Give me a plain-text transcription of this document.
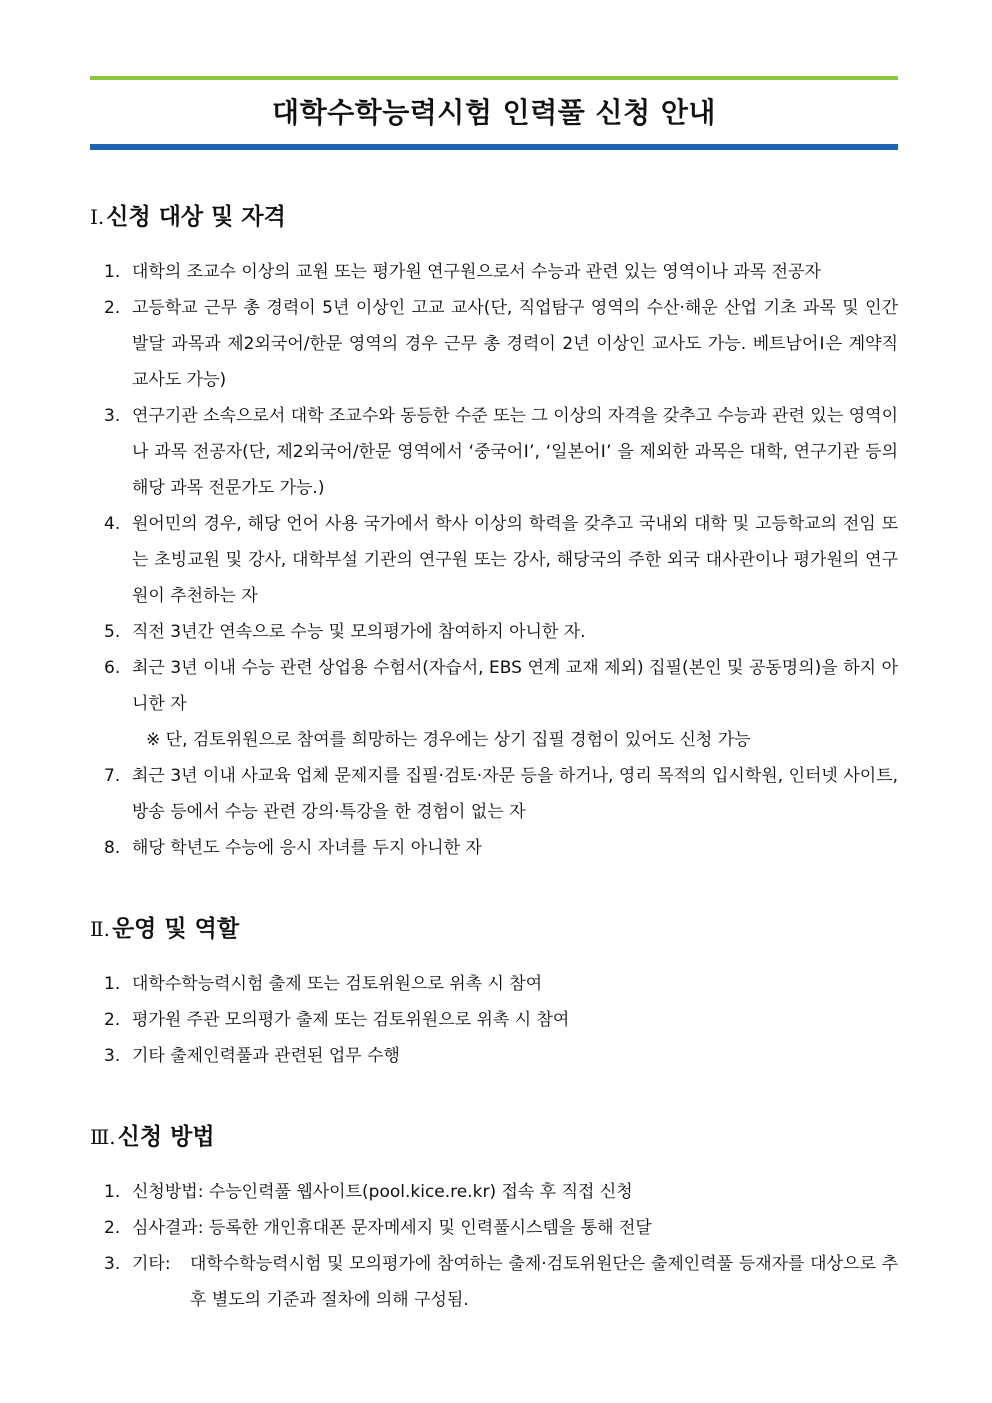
대학수학능력시험 인력풀 신청 안내
Ⅰ. 신청 대상 및 자격
1. 대학의 조교수 이상의 교원 또는 평가원 연구원으로서 수능과 관련 있는 영역이나 과목 전공자
2. 고등학교 근무 총 경력이 5년 이상인 고교 교사(단, 직업탐구 영역의 수산·해운 산업 기초 과목 및 인간 발달 과목과 제2외국어/한문 영역의 경우 근무 총 경력이 2년 이상인 교사도 가능. 베트남어Ⅰ은 계약직 교사도 가능)
3. 연구기관 소속으로서 대학 조교수와 동등한 수준 또는 그 이상의 자격을 갖추고 수능과 관련 있는 영역이나 과목 전공자(단, 제2외국어/한문 영역에서 ‘중국어Ⅰ’, ‘일본어Ⅰ’ 을 제외한 과목은 대학, 연구기관 등의 해당 과목 전문가도 가능.)
4. 원어민의 경우, 해당 언어 사용 국가에서 학사 이상의 학력을 갖추고 국내외 대학 및 고등학교의 전임 또는 초빙교원 및 강사, 대학부설 기관의 연구원 또는 강사, 해당국의 주한 외국 대사관이나 평가원의 연구원이 추천하는 자
5. 직전 3년간 연속으로 수능 및 모의평가에 참여하지 아니한 자.
6. 최근 3년 이내 수능 관련 상업용 수험서(자습서, EBS 연계 교재 제외) 집필(본인 및 공동명의)을 하지 아니한 자
※ 단, 검토위원으로 참여를 희망하는 경우에는 상기 집필 경험이 있어도 신청 가능
7. 최근 3년 이내 사교육 업체 문제지를 집필·검토·자문 등을 하거나, 영리 목적의 입시학원, 인터넷 사이트, 방송 등에서 수능 관련 강의·특강을 한 경험이 없는 자
8. 해당 학년도 수능에 응시 자녀를 두지 아니한 자
Ⅱ. 운영 및 역할
1. 대학수학능력시험 출제 또는 검토위원으로 위촉 시 참여
2. 평가원 주관 모의평가 출제 또는 검토위원으로 위촉 시 참여
3. 기타 출제인력풀과 관련된 업무 수행
Ⅲ. 신청 방법
1. 신청방법: 수능인력풀 웹사이트(pool.kice.re.kr) 접속 후 직접 신청
2. 심사결과: 등록한 개인휴대폰 문자메세지 및 인력풀시스템을 통해 전달
3. 기타:	대학수학능력시험 및 모의평가에 참여하는 출제·검토위원단은 출제인력풀 등재자를 대상으로 추후 별도의 기준과 절차에 의해 구성됨.
